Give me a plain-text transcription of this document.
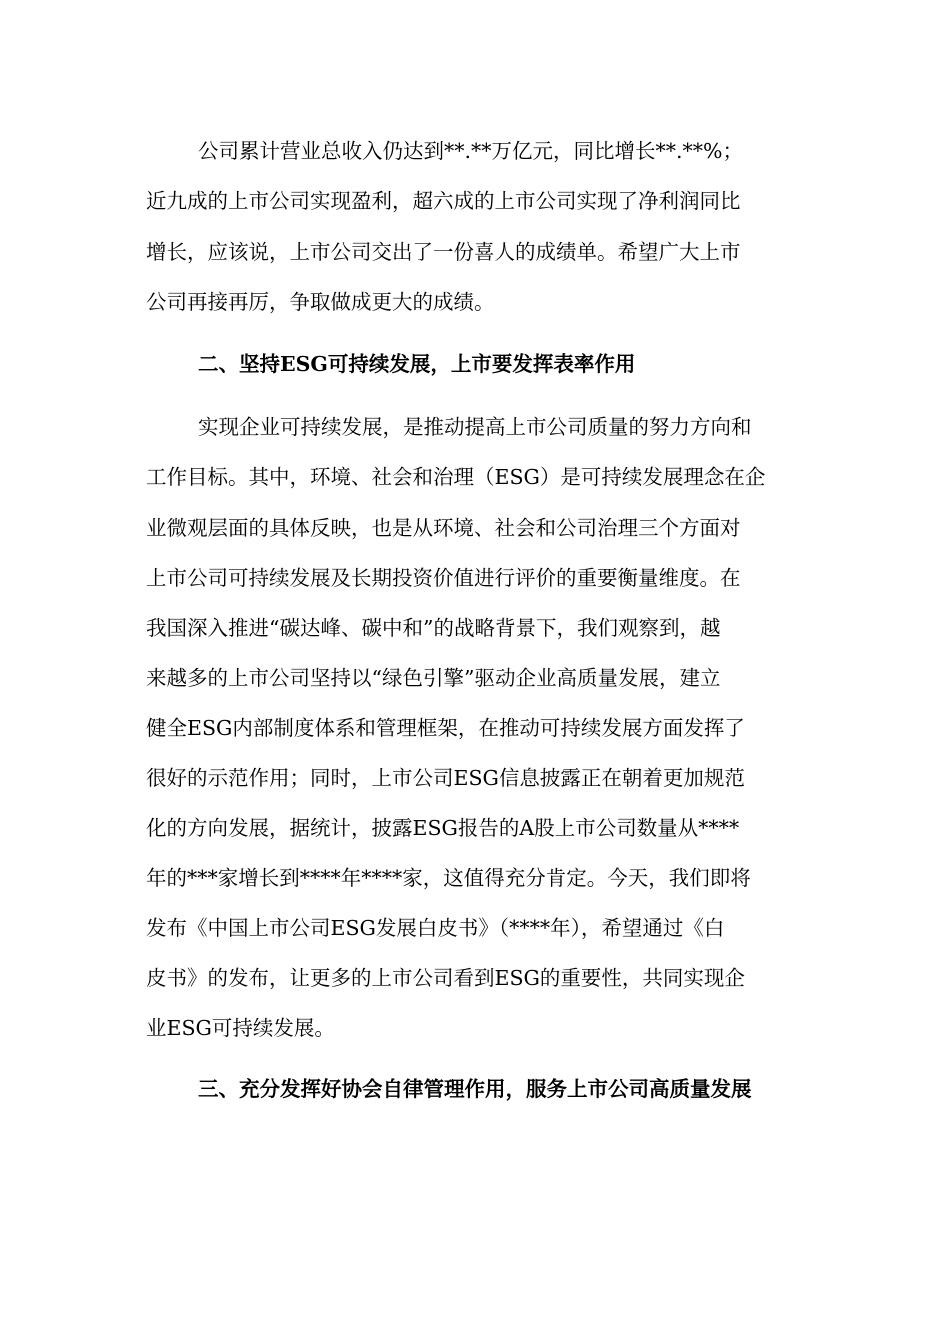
公司累计营业总收入仍达到**.**万亿元，同比增长**.**%；
近九成的上市公司实现盈利，超六成的上市公司实现了净利润同比
增长，应该说，上市公司交出了一份喜人的成绩单。希望广大上市
公司再接再厉，争取做成更大的成绩。
二、坚持ESG可持续发展，上市要发挥表率作用
实现企业可持续发展，是推动提高上市公司质量的努力方向和
工作目标。其中，环境、社会和治理（ESG）是可持续发展理念在企
业微观层面的具体反映，也是从环境、社会和公司治理三个方面对
上市公司可持续发展及长期投资价值进行评价的重要衡量维度。在
我国深入推进“碳达峰、碳中和”的战略背景下，我们观察到，越
来越多的上市公司坚持以“绿色引擎”驱动企业高质量发展，建立
健全ESG内部制度体系和管理框架，在推动可持续发展方面发挥了
很好的示范作用；同时，上市公司ESG信息披露正在朝着更加规范
化的方向发展，据统计，披露ESG报告的A股上市公司数量从****
年的***家增长到****年****家，这值得充分肯定。今天，我们即将
发布《中国上市公司ESG发展白皮书》（****年），希望通过《白
皮书》的发布，让更多的上市公司看到ESG的重要性，共同实现企
业ESG可持续发展。
三、充分发挥好协会自律管理作用，服务上市公司高质量发展
